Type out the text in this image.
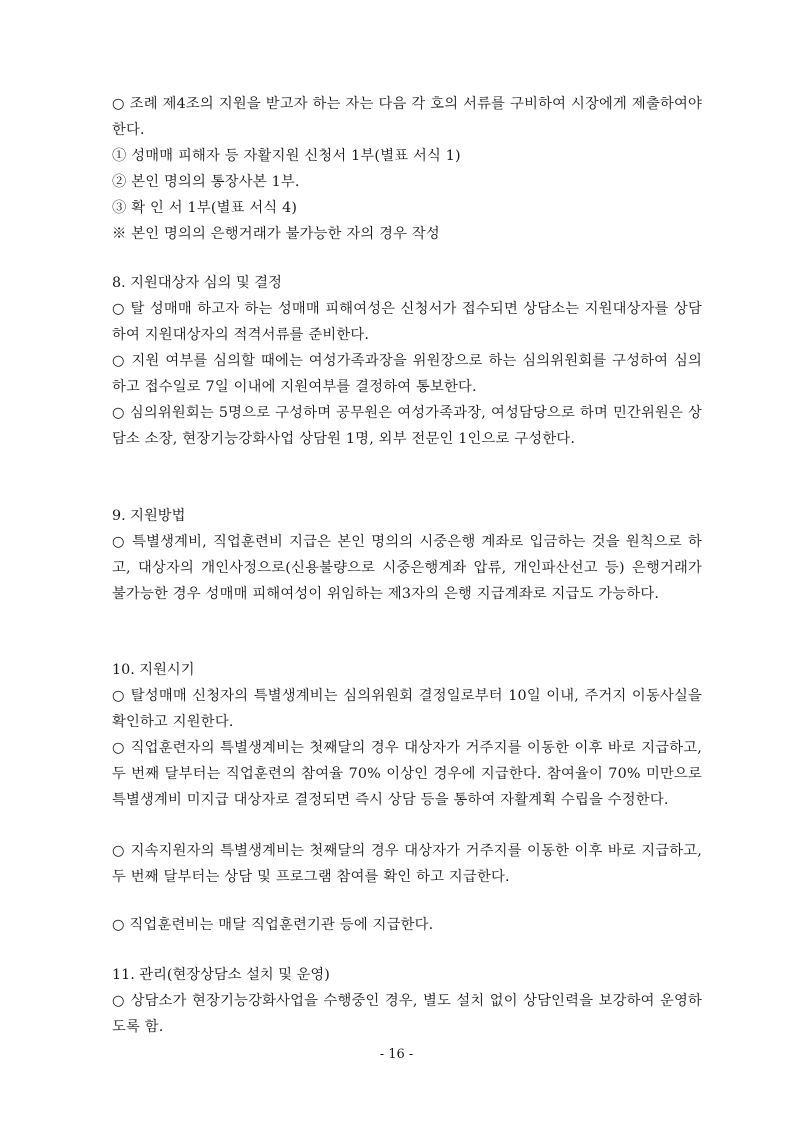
○ 조례 제4조의 지원을 받고자 하는 자는 다음 각 호의 서류를 구비하여 시장에게 제출하여야 한다.

① 성매매 피해자 등 자활지원 신청서 1부(별표 서식 1)

② 본인 명의의 통장사본 1부.

③ 확 인 서 1부(별표 서식 4)

※ 본인 명의의 은행거래가 불가능한 자의 경우 작성

8. 지원대상자 심의 및 결정

○ 탈 성매매 하고자 하는 성매매 피해여성은 신청서가 접수되면 상담소는 지원대상자를 상담하여 지원대상자의 적격서류를 준비한다.

○ 지원 여부를 심의할 때에는 여성가족과장을 위원장으로 하는 심의위원회를 구성하여 심의하고 접수일로 7일 이내에 지원여부를 결정하여 통보한다.

○ 심의위원회는 5명으로 구성하며 공무원은 여성가족과장, 여성담당으로 하며 민간위원은 상담소 소장, 현장기능강화사업 상담원 1명, 외부 전문인 1인으로 구성한다.

9. 지원방법

○ 특별생계비, 직업훈련비 지급은 본인 명의의 시중은행 계좌로 입금하는 것을 원칙으로 하고, 대상자의 개인사정으로(신용불량으로 시중은행계좌 압류, 개인파산선고 등) 은행거래가 불가능한 경우 성매매 피해여성이 위임하는 제3자의 은행 지급계좌로 지급도 가능하다.

10. 지원시기

○ 탈성매매 신청자의 특별생계비는 심의위원회 결정일로부터 10일 이내, 주거지 이동사실을 확인하고 지원한다.

○ 직업훈련자의 특별생계비는 첫째달의 경우 대상자가 거주지를 이동한 이후 바로 지급하고, 두 번째 달부터는 직업훈련의 참여율 70% 이상인 경우에 지급한다. 참여율이 70% 미만으로 특별생계비 미지급 대상자로 결정되면 즉시 상담 등을 통하여 자활계획 수립을 수정한다.

○ 지속지원자의 특별생계비는 첫째달의 경우 대상자가 거주지를 이동한 이후 바로 지급하고, 두 번째 달부터는 상담 및 프로그램 참여를 확인 하고 지급한다.

○ 직업훈련비는 매달 직업훈련기관 등에 지급한다.

11. 관리(현장상담소 설치 및 운영)

○ 상담소가 현장기능강화사업을 수행중인 경우, 별도 설치 없이 상담인력을 보강하여 운영하도록 함.

- 16 -
